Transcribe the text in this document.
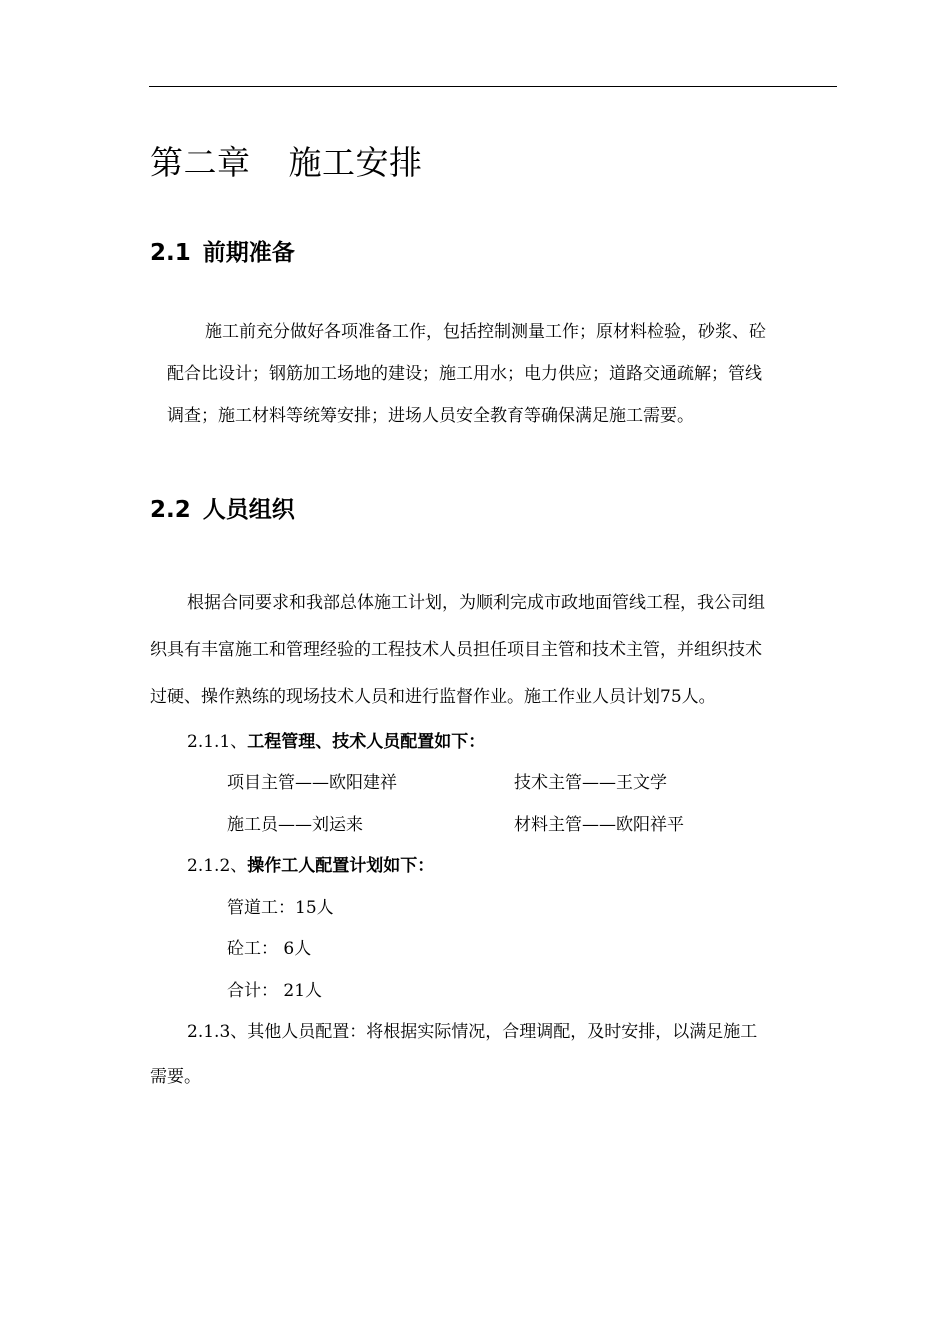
第二章 施工安排
2.1 前期准备
施工前充分做好各项准备工作，包括控制测量工作；原材料检验，砂浆、砼
配合比设计；钢筋加工场地的建设；施工用水；电力供应；道路交通疏解；管线
调查；施工材料等统筹安排；进场人员安全教育等确保满足施工需要。
2.2 人员组织
根据合同要求和我部总体施工计划，为顺利完成市政地面管线工程，我公司组
织具有丰富施工和管理经验的工程技术人员担任项目主管和技术主管，并组织技术
过硬、操作熟练的现场技术人员和进行监督作业。施工作业人员计划75人。
2.1.1、工程管理、技术人员配置如下：
项目主管——欧阳建祥	技术主管——王文学
施工员——刘运来	材料主管——欧阳祥平
2.1.2、操作工人配置计划如下：
管道工：15人
砼工： 6人
合计： 21人
2.1.3、其他人员配置：将根据实际情况，合理调配，及时安排，以满足施工
需要。
